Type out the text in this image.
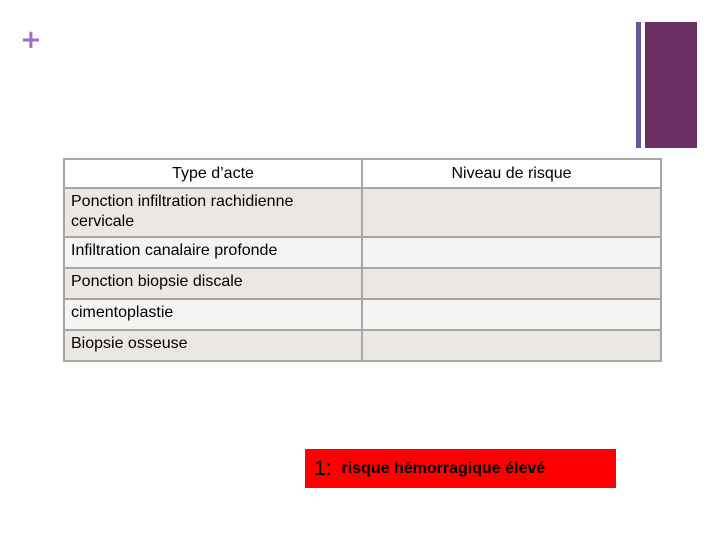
+
Type d’acte	Niveau de risque
Ponction infiltration rachidienne cervicale	
Infiltration canalaire profonde	
Ponction biopsie discale	
cimentoplastie	
Biopsie osseuse	
1: risque hémorragique élevé
